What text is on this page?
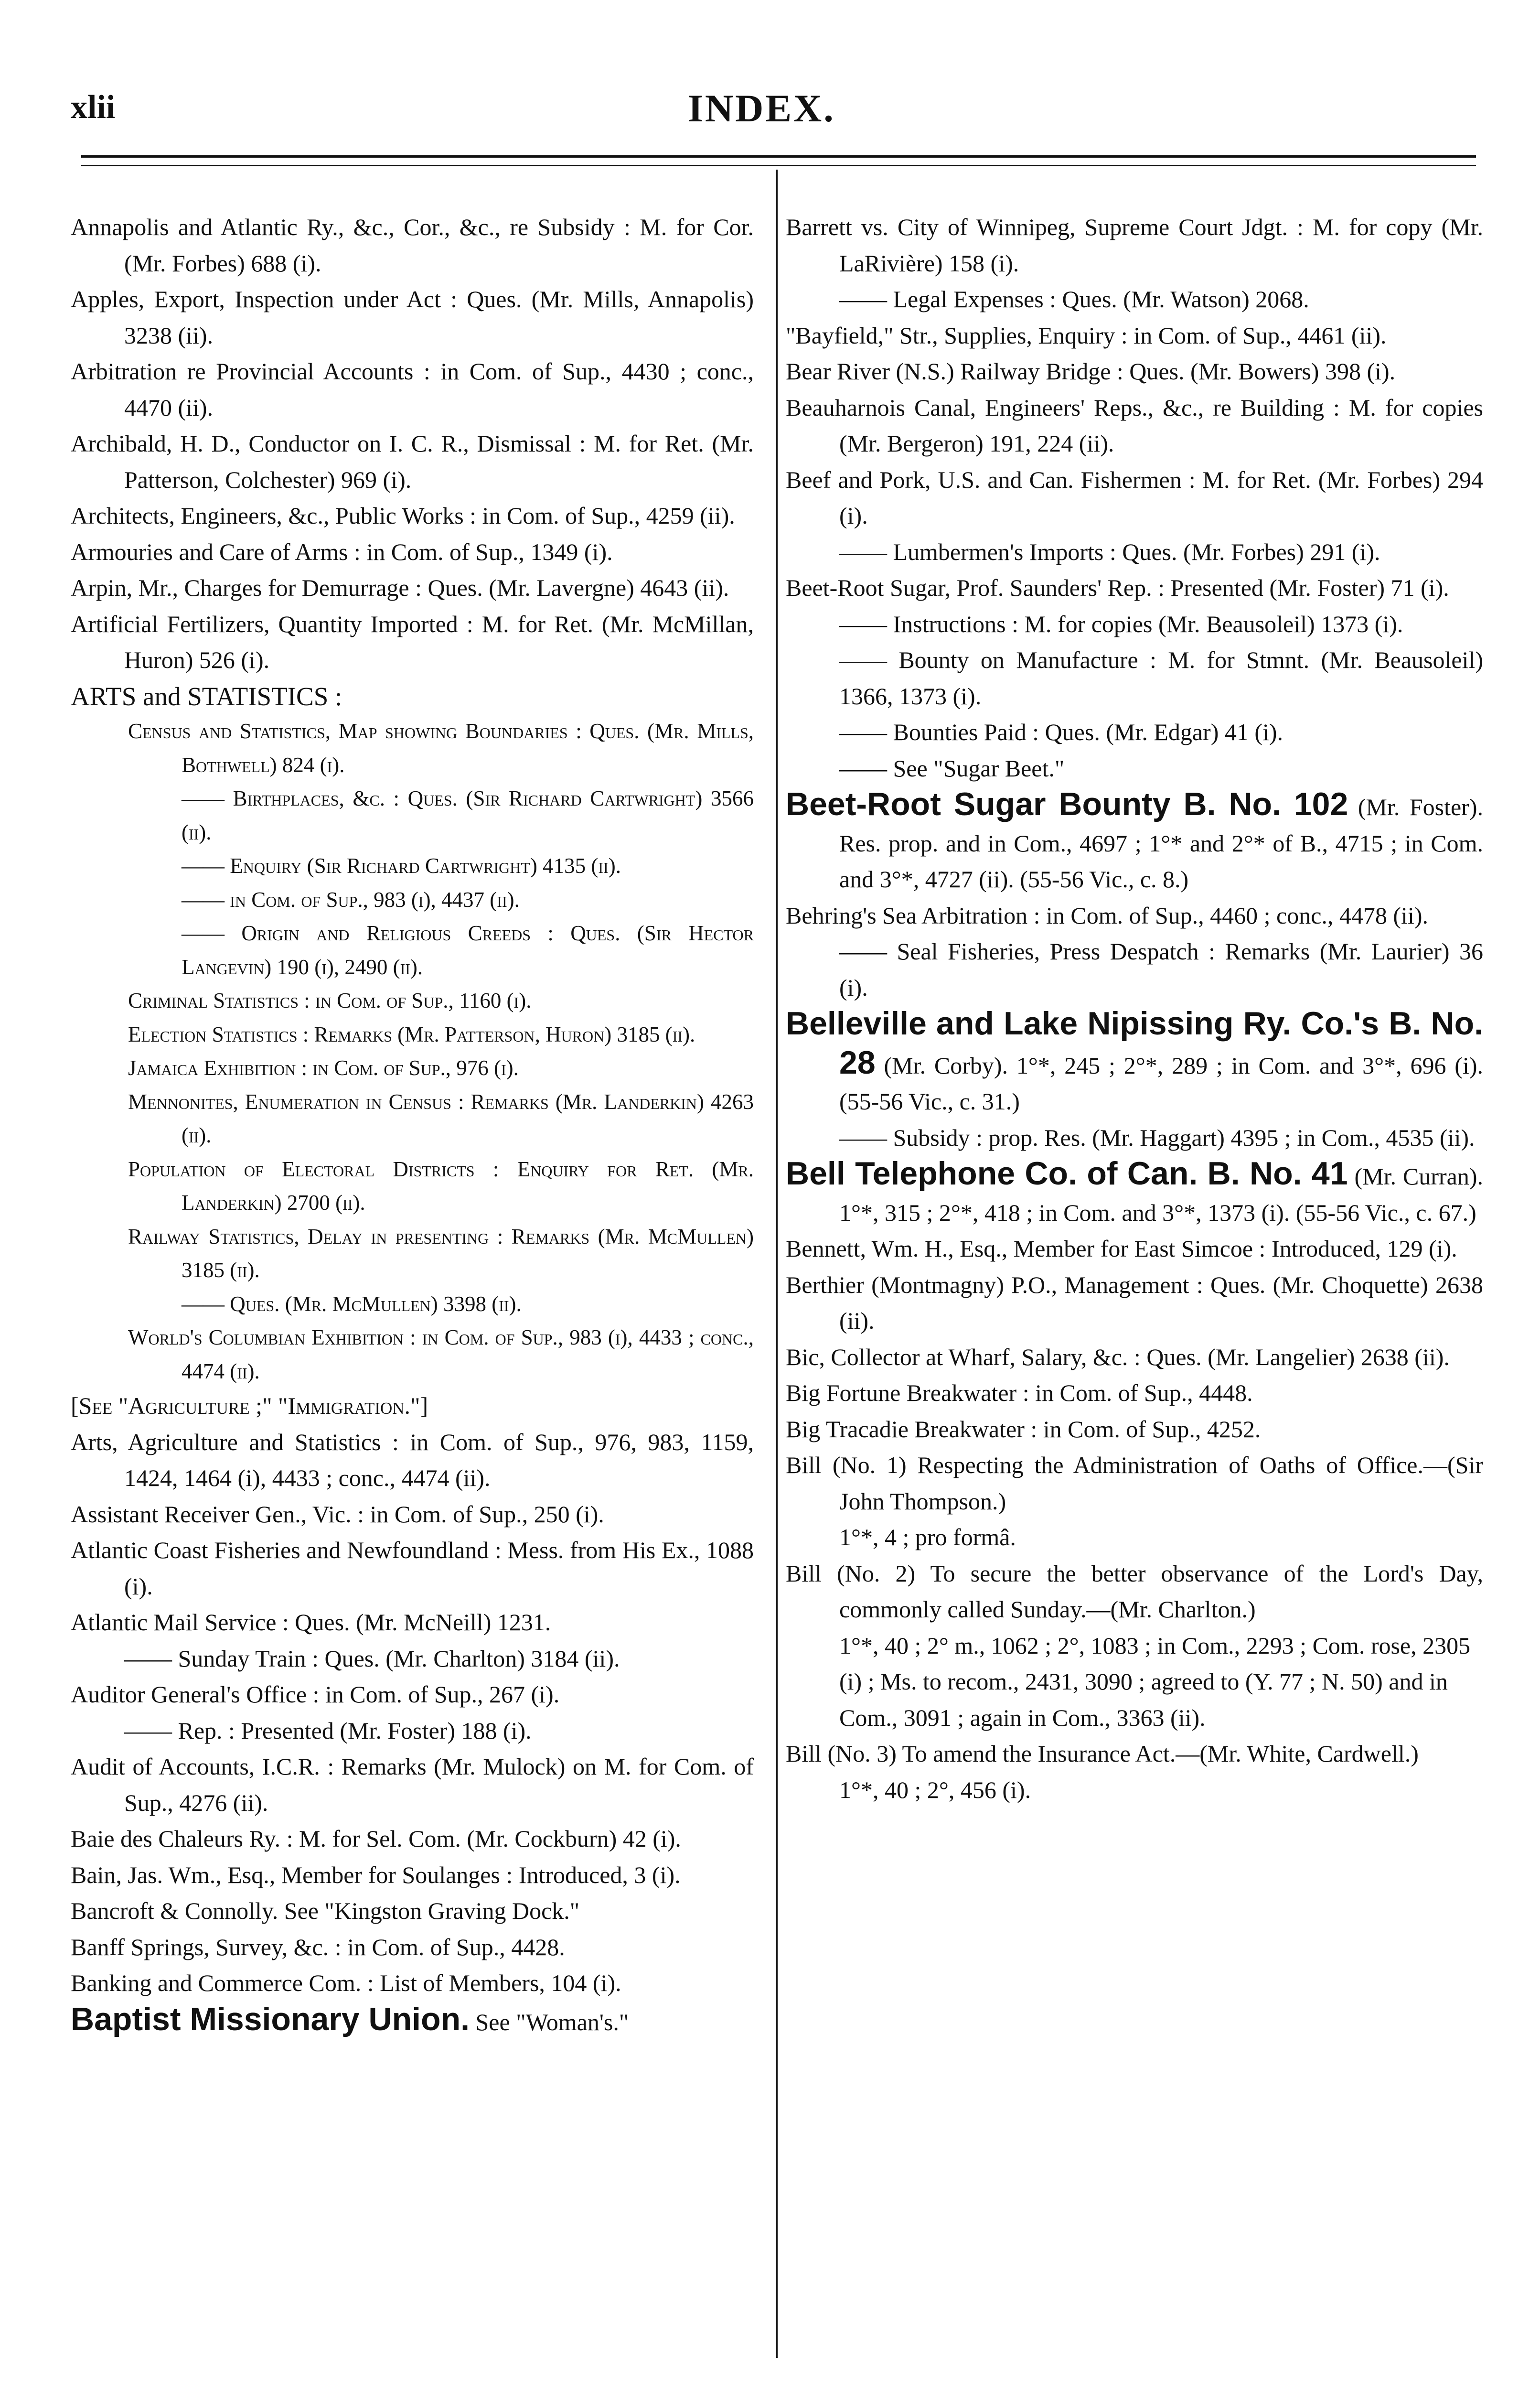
xlii	INDEX.
Annapolis and Atlantic Ry., &c., Cor., &c., re Subsidy : M. for Cor. (Mr. Forbes) 688 (i).
Apples, Export, Inspection under Act : Ques. (Mr. Mills, Annapolis) 3238 (ii).
Arbitration re Provincial Accounts : in Com. of Sup., 4430 ; conc., 4470 (ii).
Archibald, H. D., Conductor on I. C. R., Dismissal : M. for Ret. (Mr. Patterson, Colchester) 969 (i).
Architects, Engineers, &c., Public Works : in Com. of Sup., 4259 (ii).
Armouries and Care of Arms : in Com. of Sup., 1349 (i).
Arpin, Mr., Charges for Demurrage : Ques. (Mr. Lavergne) 4643 (ii).
Artificial Fertilizers, Quantity Imported : M. for Ret. (Mr. McMillan, Huron) 526 (i).
ARTS and STATISTICS :
Census and Statistics, Map showing Boundaries : Ques. (Mr. Mills, Bothwell) 824 (i).
—— Birthplaces, &c. : Ques. (Sir Richard Cartwright) 3566 (ii).
—— Enquiry (Sir Richard Cartwright) 4135 (ii).
—— in Com. of Sup., 983 (i), 4437 (ii).
—— Origin and Religious Creeds : Ques. (Sir Hector Langevin) 190 (i), 2490 (ii).
Criminal Statistics : in Com. of Sup., 1160 (i).
Election Statistics : Remarks (Mr. Patterson, Huron) 3185 (ii).
Jamaica Exhibition : in Com. of Sup., 976 (i).
Mennonites, Enumeration in Census : Remarks (Mr. Landerkin) 4263 (ii).
Population of Electoral Districts : Enquiry for Ret. (Mr. Landerkin) 2700 (ii).
Railway Statistics, Delay in presenting : Remarks (Mr. McMullen) 3185 (ii).
—— Ques. (Mr. McMullen) 3398 (ii).
World's Columbian Exhibition : in Com. of Sup., 983 (i), 4433 ; conc., 4474 (ii).
[See "Agriculture ;" "Immigration."]
Arts, Agriculture and Statistics : in Com. of Sup., 976, 983, 1159, 1424, 1464 (i), 4433 ; conc., 4474 (ii).
Assistant Receiver Gen., Vic. : in Com. of Sup., 250 (i).
Atlantic Coast Fisheries and Newfoundland : Mess. from His Ex., 1088 (i).
Atlantic Mail Service : Ques. (Mr. McNeill) 1231.
—— Sunday Train : Ques. (Mr. Charlton) 3184 (ii).
Auditor General's Office : in Com. of Sup., 267 (i).
—— Rep. : Presented (Mr. Foster) 188 (i).
Audit of Accounts, I.C.R. : Remarks (Mr. Mulock) on M. for Com. of Sup., 4276 (ii).
Baie des Chaleurs Ry. : M. for Sel. Com. (Mr. Cockburn) 42 (i).
Bain, Jas. Wm., Esq., Member for Soulanges : Introduced, 3 (i).
Bancroft & Connolly. See "Kingston Graving Dock."
Banff Springs, Survey, &c. : in Com. of Sup., 4428.
Banking and Commerce Com. : List of Members, 104 (i).
Baptist Missionary Union. See "Woman's."
Barrett vs. City of Winnipeg, Supreme Court Jdgt. : M. for copy (Mr. LaRivière) 158 (i).
—— Legal Expenses : Ques. (Mr. Watson) 2068.
"Bayfield," Str., Supplies, Enquiry : in Com. of Sup., 4461 (ii).
Bear River (N.S.) Railway Bridge : Ques. (Mr. Bowers) 398 (i).
Beauharnois Canal, Engineers' Reps., &c., re Building : M. for copies (Mr. Bergeron) 191, 224 (ii).
Beef and Pork, U.S. and Can. Fishermen : M. for Ret. (Mr. Forbes) 294 (i).
—— Lumbermen's Imports : Ques. (Mr. Forbes) 291 (i).
Beet-Root Sugar, Prof. Saunders' Rep. : Presented (Mr. Foster) 71 (i).
—— Instructions : M. for copies (Mr. Beausoleil) 1373 (i).
—— Bounty on Manufacture : M. for Stmnt. (Mr. Beausoleil) 1366, 1373 (i).
—— Bounties Paid : Ques. (Mr. Edgar) 41 (i).
—— See "Sugar Beet."
Beet-Root Sugar Bounty B. No. 102 (Mr. Foster). Res. prop. and in Com., 4697 ; 1°* and 2°* of B., 4715 ; in Com. and 3°*, 4727 (ii). (55-56 Vic., c. 8.)
Behring's Sea Arbitration : in Com. of Sup., 4460 ; conc., 4478 (ii).
—— Seal Fisheries, Press Despatch : Remarks (Mr. Laurier) 36 (i).
Belleville and Lake Nipissing Ry. Co.'s B. No. 28 (Mr. Corby). 1°*, 245 ; 2°*, 289 ; in Com. and 3°*, 696 (i). (55-56 Vic., c. 31.)
—— Subsidy : prop. Res. (Mr. Haggart) 4395 ; in Com., 4535 (ii).
Bell Telephone Co. of Can. B. No. 41 (Mr. Curran). 1°*, 315 ; 2°*, 418 ; in Com. and 3°*, 1373 (i). (55-56 Vic., c. 67.)
Bennett, Wm. H., Esq., Member for East Simcoe : Introduced, 129 (i).
Berthier (Montmagny) P.O., Management : Ques. (Mr. Choquette) 2638 (ii).
Bic, Collector at Wharf, Salary, &c. : Ques. (Mr. Langelier) 2638 (ii).
Big Fortune Breakwater : in Com. of Sup., 4448.
Big Tracadie Breakwater : in Com. of Sup., 4252.
Bill (No. 1) Respecting the Administration of Oaths of Office.—(Sir John Thompson.)
1°*, 4 ; pro formâ.
Bill (No. 2) To secure the better observance of the Lord's Day, commonly called Sunday.—(Mr. Charlton.)
1°*, 40 ; 2° m., 1062 ; 2°, 1083 ; in Com., 2293 ; Com. rose, 2305 (i) ; Ms. to recom., 2431, 3090 ; agreed to (Y. 77 ; N. 50) and in Com., 3091 ; again in Com., 3363 (ii).
Bill (No. 3) To amend the Insurance Act.—(Mr. White, Cardwell.)
1°*, 40 ; 2°, 456 (i).
